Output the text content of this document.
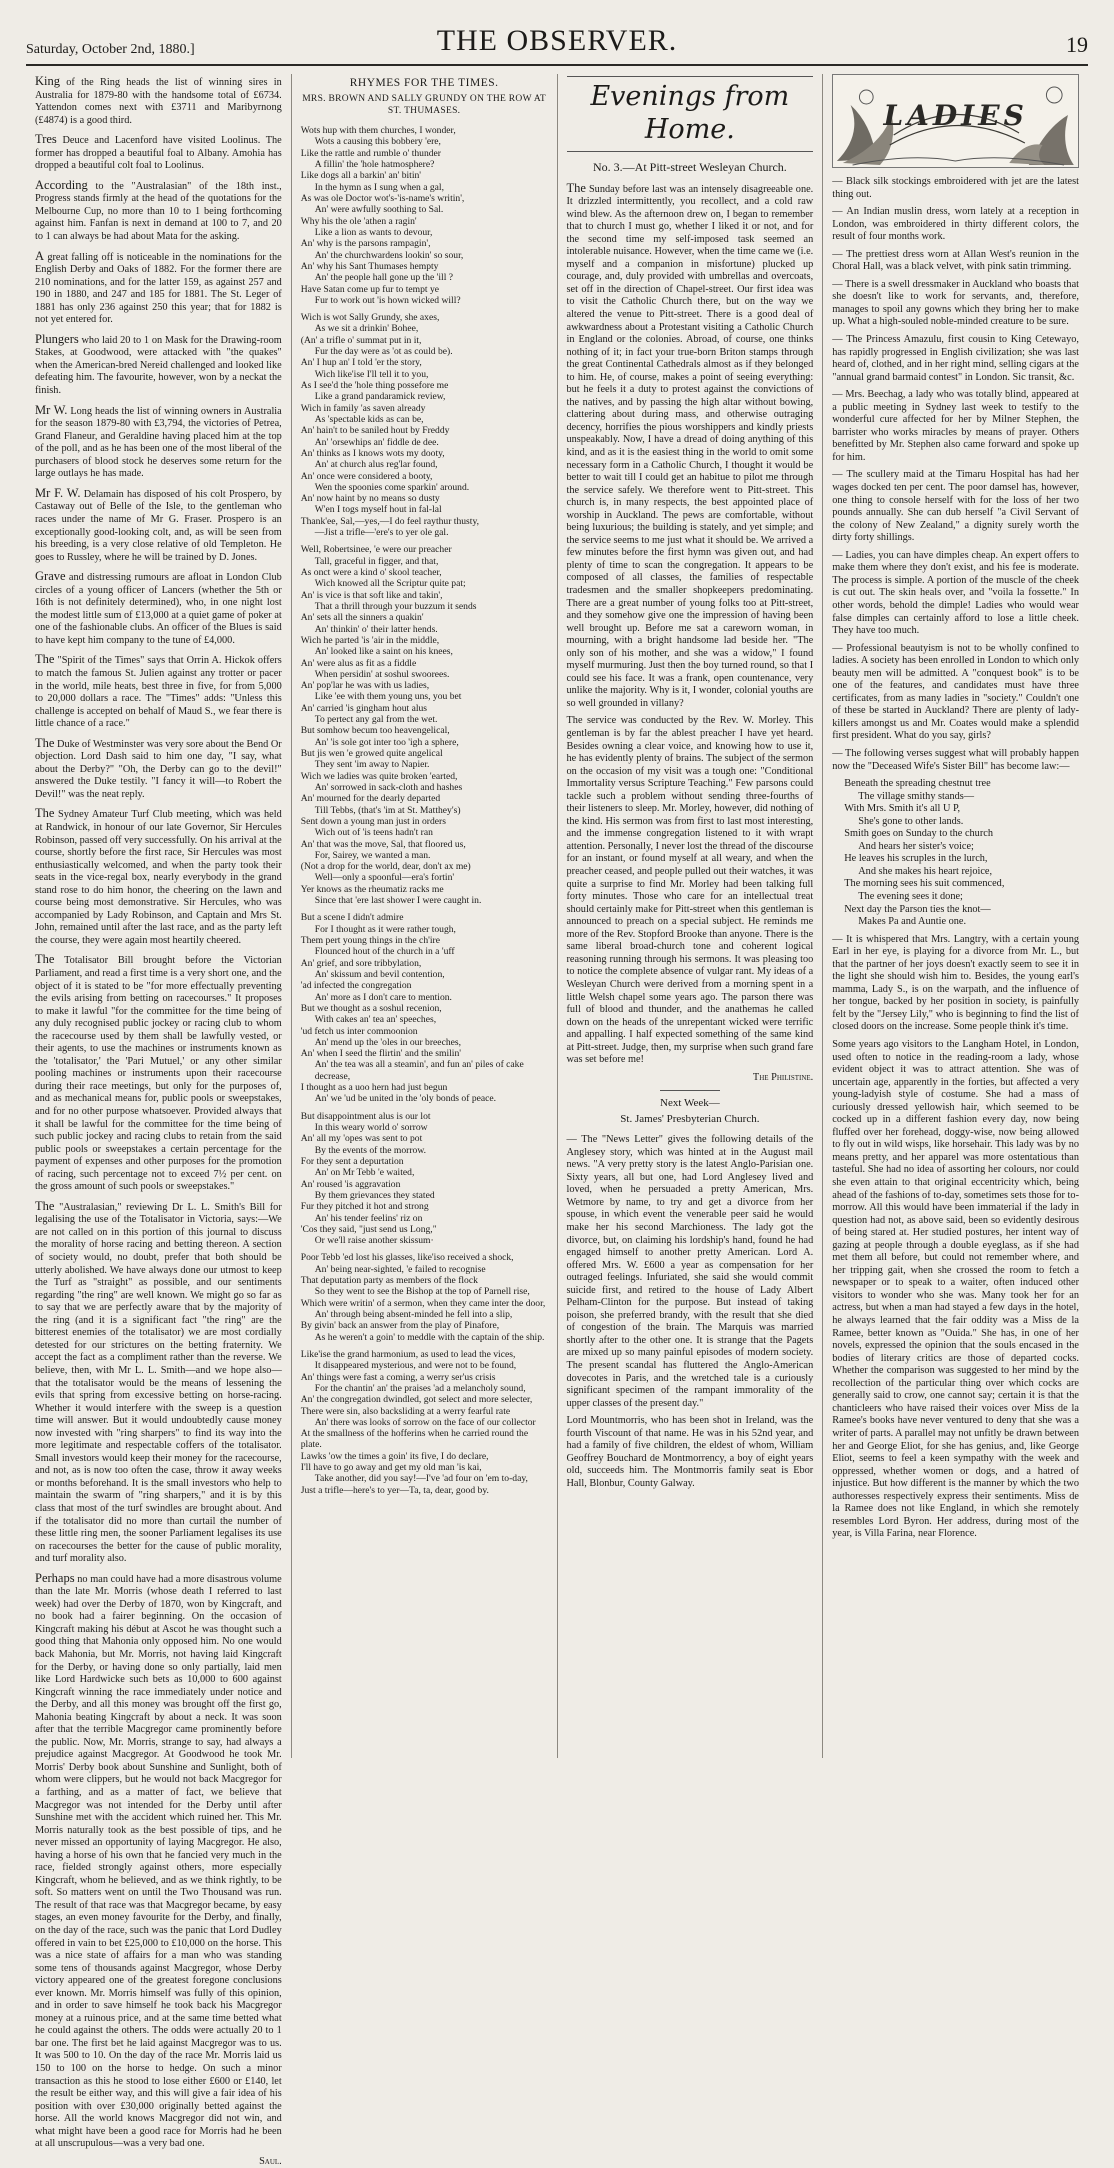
Saturday, October 2nd, 1880.]	THE OBSERVER.	19

King of the Ring heads the list of winning sires in Australia for 1879-80 with the handsome total of £6734. Yattendon comes next with £3711 and Maribyrnong (£4874) is a good third.

Tres Deuce and Lacenford have visited Loolinus. The former has dropped a beautiful foal to Albany. Amohia has dropped a beautiful colt foal to Loolinus.

According to the "Australasian" of the 18th inst., Progress stands firmly at the head of the quotations for the Melbourne Cup, no more than 10 to 1 being forthcoming against him. Fanfan is next in demand at 100 to 7, and 20 to 1 can always be had about Mata for the asking.

A great falling off is noticeable in the nominations for the English Derby and Oaks of 1882. For the former there are 210 nominations, and for the latter 159, as against 257 and 190 in 1880, and 247 and 185 for 1881. The St. Leger of 1881 has only 236 against 250 this year; that for 1882 is not yet entered for.

Plungers who laid 20 to 1 on Mask for the Drawing-room Stakes, at Goodwood, were attacked with "the quakes" when the American-bred Nereid challenged and looked like defeating him. The favourite, however, won by a neckat the finish.

Mr W. Long heads the list of winning owners in Australia for the season 1879-80 with £3,794, the victories of Petrea, Grand Flaneur, and Geraldine having placed him at the top of the poll, and as he has been one of the most liberal of the purchasers of blood stock he deserves some return for the large outlays he has made.

Mr F. W. Delamain has disposed of his colt Prospero, by Castaway out of Belle of the Isle, to the gentleman who races under the name of Mr G. Fraser. Prospero is an exceptionally good-looking colt, and, as will be seen from his breeding, is a very close relative of old Templeton. He goes to Russley, where he will be trained by D. Jones.

Grave and distressing rumours are afloat in London Club circles of a young officer of Lancers (whether the 5th or 16th is not definitely determined), who, in one night lost the modest little sum of £13,000 at a quiet game of poker at one of the fashionable clubs. An officer of the Blues is said to have kept him company to the tune of £4,000.

The "Spirit of the Times" says that Orrin A. Hickok offers to match the famous St. Julien against any trotter or pacer in the world, mile heats, best three in five, for from 5,000 to 20,000 dollars a race. The "Times" adds: "Unless this challenge is accepted on behalf of Maud S., we fear there is little chance of a race."

The Duke of Westminster was very sore about the Bend Or objection. Lord Dash said to him one day, "I say, what about the Derby?" "Oh, the Derby can go to the devil!" answered the Duke testily. "I fancy it will—to Robert the Devil!" was the neat reply.

The Sydney Amateur Turf Club meeting, which was held at Randwick, in honour of our late Governor, Sir Hercules Robinson, passed off very successfully. On his arrival at the course, shortly before the first race, Sir Hercules was most enthusiastically welcomed, and when the party took their seats in the vice-regal box, nearly everybody in the grand stand rose to do him honor, the cheering on the lawn and course being most demonstrative. Sir Hercules, who was accompanied by Lady Robinson, and Captain and Mrs St. John, remained until after the last race, and as the party left the course, they were again most heartily cheered.

The Totalisator Bill brought before the Victorian Parliament, and read a first time is a very short one, and the object of it is stated to be "for more effectually preventing the evils arising from betting on racecourses." It proposes to make it lawful "for the committee for the time being of any duly recognised public jockey or racing club to whom the racecourse used by them shall be lawfully vested, or their agents, to use the machines or instruments known as the 'totalisator,' the 'Pari Mutuel,' or any other similar pooling machines or instruments upon their racecourse during their race meetings, but only for the purposes of, and as mechanical means for, public pools or sweepstakes, and for no other purpose whatsoever. Provided always that it shall be lawful for the committee for the time being of such public jockey and racing clubs to retain from the said public pools or sweepstakes a certain percentage for the payment of expenses and other purposes for the promotion of racing, such percentage not to exceed 7½ per cent. on the gross amount of such pools or sweepstakes."

The "Australasian," reviewing Dr L. L. Smith's Bill for legalising the use of the Totalisator in Victoria, says:—We are not called on in this portion of this journal to discuss the morality of horse racing and betting thereon. A section of society would, no doubt, prefer that both should be utterly abolished. We have always done our utmost to keep the Turf as "straight" as possible, and our sentiments regarding "the ring" are well known. We might go so far as to say that we are perfectly aware that by the majority of the ring (and it is a significant fact "the ring" are the bitterest enemies of the totalisator) we are most cordially detested for our strictures on the betting fraternity. We accept the fact as a compliment rather than the reverse. We believe, then, with Mr L. L. Smith—and we hope also—that the totalisator would be the means of lessening the evils that spring from excessive betting on horse-racing. Whether it would interfere with the sweep is a question time will answer. But it would undoubtedly cause money now invested with "ring sharpers" to find its way into the more legitimate and respectable coffers of the totalisator. Small investors would keep their money for the racecourse, and not, as is now too often the case, throw it away weeks or months beforehand. It is the small investors who help to maintain the swarm of "ring sharpers," and it is by this class that most of the turf swindles are brought about. And if the totalisator did no more than curtail the number of these little ring men, the sooner Parliament legalises its use on racecourses the better for the cause of public morality, and turf morality also.

Perhaps no man could have had a more disastrous volume than the late Mr. Morris (whose death I referred to last week) had over the Derby of 1870, won by Kingcraft, and no book had a fairer beginning. On the occasion of Kingcraft making his début at Ascot he was thought such a good thing that Mahonia only opposed him. No one would back Mahonia, but Mr. Morris, not having laid Kingcraft for the Derby, or having done so only partially, laid men like Lord Hardwicke such bets as 10,000 to 600 against Kingcraft winning the race immediately under notice and the Derby, and all this money was brought off the first go, Mahonia beating Kingcraft by about a neck. It was soon after that the terrible Macgregor came prominently before the public. Now, Mr. Morris, strange to say, had always a prejudice against Macgregor. At Goodwood he took Mr. Morris' Derby book about Sunshine and Sunlight, both of whom were clippers, but he would not back Macgregor for a farthing, and as a matter of fact, we believe that Macgregor was not intended for the Derby until after Sunshine met with the accident which ruined her. This Mr. Morris naturally took as the best possible of tips, and he never missed an opportunity of laying Macgregor. He also, having a horse of his own that he fancied very much in the race, fielded strongly against others, more especially Kingcraft, whom he believed, and as we think rightly, to be soft. So matters went on until the Two Thousand was run. The result of that race was that Macgregor became, by easy stages, an even money favourite for the Derby, and finally, on the day of the race, such was the panic that Lord Dudley offered in vain to bet £25,000 to £10,000 on the horse. This was a nice state of affairs for a man who was standing some tens of thousands against Macgregor, whose Derby victory appeared one of the greatest foregone conclusions ever known. Mr. Morris himself was fully of this opinion, and in order to save himself he took back his Macgregor money at a ruinous price, and at the same time betted what he could against the others. The odds were actually 20 to 1 bar one. The first bet he laid against Macgregor was to us. It was 500 to 10. On the day of the race Mr. Morris laid us 150 to 100 on the horse to hedge. On such a minor transaction as this he stood to lose either £600 or £140, let the result be either way, and this will give a fair idea of his position with over £30,000 originally betted against the horse. All the world knows Macgregor did not win, and what might have been a good race for Morris had he been at all unscrupulous—was a very bad one.

Saul.
RHYMES FOR THE TIMES.
MRS. BROWN AND SALLY GRUNDY ON THE ROW AT ST. THUMASES.
Wots hup with them churches, I wonder,
Wots a causing this bobbery 'ere,
Like the rattle and rumble o' thunder
A fillin' the 'hole hatmosphere?
Like dogs all a barkin' an' bitin'
In the hymn as I sung when a gal,
As was ole Doctor wot's-'is-name's writin',
An' were awfully soothing to Sal.
Why his the ole 'athen a ragin'
Like a lion as wants to devour,
An' why is the parsons rampagin',
An' the churchwardens lookin' so sour,
An' why his Sant Thumases hempty
An' the people hall gone up the 'ill ?
Have Satan come up fur to tempt ye
Fur to work out 'is hown wicked will?
Wich is wot Sally Grundy, she axes,
As we sit a drinkin' Bohee,
(An' a trifle o' summat put in it,
Fur the day were as 'ot as could be).
An' I hup an' I told 'er the story,
Wich like'ise I'll tell it to you,
As I see'd the 'hole thing possefore me
Like a grand pandaramick review,
Wich in family 'as saven already
As 'spectable kids as can be,
An' hain't to be saniled hout by Freddy
An' 'orsewhips an' fiddle de dee.
An' thinks as I knows wots my dooty,
An' at church alus reg'lar found,
An' once were considered a booty,
Wen the spoonies come sparkin' around.
An' now haint by no means so dusty
W'en I togs myself hout in fal-lal
Thank'ee, Sal,—yes,—I do feel raythur thusty,
—Jist a trifle—'ere's to yer ole gal.
Well, Robertsinee, 'e were our preacher
Tall, graceful in figger, and that,
As onct were a kind o' skool teacher,
Wich knowed all the Scriptur quite pat;
An' is vice is that soft like and takin',
That a thrill through your buzzum it sends
An' sets all the sinners a quakin'
An' thinkin' o' their latter hends.
Wich he parted 'is 'air in the middle,
An' looked like a saint on his knees,
An' were alus as fit as a fiddle
When persidin' at soshul swoorees.
An' pop'lar he was with us ladies,
Like 'ee with them young uns, you bet
An' carried 'is gingham hout alus
To pertect any gal from the wet.
But somhow becum too heavengelical,
An' 'is sole got inter too 'igh a sphere,
But jis wen 'e growed quite angelical
They sent 'im away to Napier.
Wich we ladies was quite broken 'earted,
An' sorrowed in sack-cloth and hashes
An' mourned for the dearly departed
Till Tebbs, (that's 'im at St. Matthey's)
Sent down a young man just in orders
Wich out of 'is teens hadn't ran
An' that was the move, Sal, that floored us,
For, Sairey, we wanted a man.
(Not a drop for the world, dear, don't ax me)
Well—only a spoonful—era's fortin'
Yer knows as the rheumatiz racks me
Since that 'ere last shower I were caught in.
But a scene I didn't admire
For I thought as it were rather tough,
Them pert young things in the ch'ire
Flounced hout of the church in a 'uff
An' grief, and sore tribbylation,
An' skissum and bevil contention,
'ad infected the congregation
An' more as I don't care to mention.
But we thought as a soshul recenion,
With cakes an' tea an' speeches,
'ud fetch us inter commoonion
An' mend up the 'oles in our breeches,
An' when I seed the flirtin' and the smilin'
An' the tea was all a steamin', and fun an' piles of cake decrease,
I thought as a uoo hern had just begun
An' we 'ud be united in the 'oly bonds of peace.
But disappointment alus is our lot
In this weary world o' sorrow
An' all my 'opes was sent to pot
By the events of the morrow.
For they sent a depurtation
An' on Mr Tebb 'e waited,
An' roused 'is aggravation
By them grievances they stated
Fur they pitched it hot and strong
An' his tender feelins' riz on
'Cos they said, "just send us Long,"
Or we'll raise another skissum·
Poor Tebb 'ed lost his glasses, like'iso received a shock,
An' being near-sighted, 'e failed to recognise
That deputation party as members of the flock
So they went to see the Bishop at the top of Parnell rise,
Which were writin' of a sermon, when they came inter the door,
An' through being absent-minded he fell into a slip,
By givin' back an answer from the play of Pinafore,
As he weren't a goin' to meddle with the captain of the ship.
Like'ise the grand harmonium, as used to lead the vices,
It disappeared mysterious, and were not to be found,
An' things were fast a coming, a werry ser'us crisis
For the chantin' an' the praises 'ad a melancholy sound,
An' the congregation dwindled, got select and more selecter,
There were sin, also backsliding at a werry fearful rate
An' there was looks of sorrow on the face of our collector
At the smallness of the hofferins when he carried round the plate.
Lawks 'ow the times a goin' its five, I do declare,
I'll have to go away and get my old man 'is kai,
Take another, did you say!—I've 'ad four on 'em to-day,
Just a trifle—here's to yer—Ta, ta, dear, good by.
Evenings from Home.
No. 3.—At Pitt-street Wesleyan Church.

The Sunday before last was an intensely disagreeable one. It drizzled intermittently, you recollect, and a cold raw wind blew. As the afternoon drew on, I began to remember that to church I must go, whether I liked it or not, and for the second time my self-imposed task seemed an intolerable nuisance. However, when the time came we (i.e. myself and a companion in misfortune) plucked up courage, and, duly provided with umbrellas and overcoats, set off in the direction of Chapel-street. Our first idea was to visit the Catholic Church there, but on the way we altered the venue to Pitt-street. There is a good deal of awkwardness about a Protestant visiting a Catholic Church in England or the colonies. Abroad, of course, one thinks nothing of it; in fact your true-born Briton stamps through the great Continental Cathedrals almost as if they belonged to him. He, of course, makes a point of seeing everything: but he feels it a duty to protest against the convictions of the natives, and by passing the high altar without bowing, clattering about during mass, and otherwise outraging decency, horrifies the pious worshippers and kindly priests unspeakably. Now, I have a dread of doing anything of this kind, and as it is the easiest thing in the world to omit some necessary form in a Catholic Church, I thought it would be better to wait till I could get an habitue to pilot me through the service safely. We therefore went to Pitt-street. This church is, in many respects, the best appointed place of worship in Auckland. The pews are comfortable, without being luxurious; the building is stately, and yet simple; and the service seems to me just what it should be. We arrived a few minutes before the first hymn was given out, and had plenty of time to scan the congregation. It appears to be composed of all classes, the families of respectable tradesmen and the smaller shopkeepers predominating. There are a great number of young folks too at Pitt-street, and they somehow give one the impression of having been well brought up. Before me sat a careworn woman, in mourning, with a bright handsome lad beside her. "The only son of his mother, and she was a widow," I found myself murmuring. Just then the boy turned round, so that I could see his face. It was a frank, open countenance, very unlike the majority. Why is it, I wonder, colonial youths are so well grounded in villany?

The service was conducted by the Rev. W. Morley. This gentleman is by far the ablest preacher I have yet heard. Besides owning a clear voice, and knowing how to use it, he has evidently plenty of brains. The subject of the sermon on the occasion of my visit was a tough one: "Conditional Immortality versus Scripture Teaching." Few parsons could tackle such a problem without sending three-fourths of their listeners to sleep. Mr. Morley, however, did nothing of the kind. His sermon was from first to last most interesting, and the immense congregation listened to it with wrapt attention. Personally, I never lost the thread of the discourse for an instant, or found myself at all weary, and when the preacher ceased, and people pulled out their watches, it was quite a surprise to find Mr. Morley had been talking full forty minutes. Those who care for an intellectual treat should certainly make for Pitt-street when this gentleman is announced to preach on a special subject. He reminds me more of the Rev. Stopford Brooke than anyone. There is the same liberal broad-church tone and coherent logical reasoning running through his sermons. It was pleasing too to notice the complete absence of vulgar rant. My ideas of a Wesleyan Church were derived from a morning spent in a little Welsh chapel some years ago. The parson there was full of blood and thunder, and the anathemas he called down on the heads of the unrepentant wicked were terrific and appalling. I half expected something of the same kind at Pitt-street. Judge, then, my surprise when such grand fare was set before me!

The Philistine.
Next Week—
St. James' Presbyterian Church.

— The "News Letter" gives the following details of the Anglesey story, which was hinted at in the August mail news. "A very pretty story is the latest Anglo-Parisian one. Sixty years, all but one, had Lord Anglesey lived and loved, when he persuaded a pretty American, Mrs. Wetmore by name, to try and get a divorce from her spouse, in which event the venerable peer said he would make her his second Marchioness. The lady got the divorce, but, on claiming his lordship's hand, found he had engaged himself to another pretty American. Lord A. offered Mrs. W. £600 a year as compensation for her outraged feelings. Infuriated, she said she would commit suicide first, and retired to the house of Lady Albert Pelham-Clinton for the purpose. But instead of taking poison, she preferred brandy, with the result that she died of congestion of the brain. The Marquis was married shortly after to the other one. It is strange that the Pagets are mixed up so many painful episodes of modern society. The present scandal has fluttered the Anglo-American dovecotes in Paris, and the wretched tale is a curiously significant specimen of the rampant immorality of the upper classes of the present day."

Lord Mountmorris, who has been shot in Ireland, was the fourth Viscount of that name. He was in his 52nd year, and had a family of five children, the eldest of whom, William Geoffrey Bouchard de Montmorrency, a boy of eight years old, succeeds him. The Montmorris family seat is Ebor Hall, Blonbur, County Galway.

LADIES

— Black silk stockings embroidered with jet are the latest thing out.

— An Indian muslin dress, worn lately at a reception in London, was embroidered in thirty different colors, the result of four months work.

— The prettiest dress worn at Allan West's reunion in the Choral Hall, was a black velvet, with pink satin trimming.

— There is a swell dressmaker in Auckland who boasts that she doesn't like to work for servants, and, therefore, manages to spoil any gowns which they bring her to make up. What a high-souled noble-minded creature to be sure.

— The Princess Amazulu, first cousin to King Cetewayo, has rapidly progressed in English civilization; she was last heard of, clothed, and in her right mind, selling cigars at the "annual grand barmaid contest" in London. Sic transit, &c.

— Mrs. Beechag, a lady who was totally blind, appeared at a public meeting in Sydney last week to testify to the wonderful cure affected for her by Milner Stephen, the barrister who works miracles by means of prayer. Others benefitted by Mr. Stephen also came forward and spoke up for him.

— The scullery maid at the Timaru Hospital has had her wages docked ten per cent. The poor damsel has, however, one thing to console herself with for the loss of her two pounds annually. She can dub herself "a Civil Servant of the colony of New Zealand," a dignity surely worth the dirty forty shillings.

— Ladies, you can have dimples cheap. An expert offers to make them where they don't exist, and his fee is moderate. The process is simple. A portion of the muscle of the cheek is cut out. The skin heals over, and "voila la fossette." In other words, behold the dimple! Ladies who would wear false dimples can certainly afford to lose a little cheek. They have too much.

— Professional beautyism is not to be wholly confined to ladies. A society has been enrolled in London to which only beauty men will be admitted. A "conquest book" is to be one of the features, and candidates must have three certificates, from as many ladies in "society." Couldn't one of these be started in Auckland? There are plenty of lady-killers amongst us and Mr. Coates would make a splendid first president. What do you say, girls?

— The following verses suggest what will probably happen now the "Deceased Wife's Sister Bill" has become law:—

Beneath the spreading chestnut tree
The village smithy stands—
With Mrs. Smith it's all U P,
She's gone to other lands.
Smith goes on Sunday to the church
And hears her sister's voice;
He leaves his scruples in the lurch,
And she makes his heart rejoice,
The morning sees his suit commenced,
The evening sees it done;
Next day the Parson ties the knot—
Makes Pa and Auntie one.

— It is whispered that Mrs. Langtry, with a certain young Earl in her eye, is playing for a divorce from Mr. L., but that the partner of her joys doesn't exactly seem to see it in the light she should wish him to. Besides, the young earl's mamma, Lady S., is on the warpath, and the influence of her tongue, backed by her position in society, is painfully felt by the "Jersey Lily," who is beginning to find the list of closed doors on the increase. Some people think it's time.

Some years ago visitors to the Langham Hotel, in London, used often to notice in the reading-room a lady, whose evident object it was to attract attention. She was of uncertain age, apparently in the forties, but affected a very young-ladyish style of costume. She had a mass of curiously dressed yellowish hair, which seemed to be cocked up in a different fashion every day, now being fluffed over her forehead, doggy-wise, now being allowed to fly out in wild wisps, like horsehair. This lady was by no means pretty, and her apparel was more ostentatious than tasteful. She had no idea of assorting her colours, nor could she even attain to that original eccentricity which, being ahead of the fashions of to-day, sometimes sets those for to-morrow. All this would have been immaterial if the lady in question had not, as above said, been so evidently desirous of being stared at. Her studied postures, her intent way of gazing at people through a double eyeglass, as if she had met them all before, but could not remember where, and her tripping gait, when she crossed the room to fetch a newspaper or to speak to a waiter, often induced other visitors to wonder who she was. Many took her for an actress, but when a man had stayed a few days in the hotel, he always learned that the fair oddity was a Miss de la Ramee, better known as "Ouida." She has, in one of her novels, expressed the opinion that the souls encased in the bodies of literary critics are those of departed cocks. Whether the comparison was suggested to her mind by the recollection of the particular thing over which cocks are generally said to crow, one cannot say; certain it is that the chanticleers who have raised their voices over Miss de la Ramee's books have never ventured to deny that she was a writer of parts. A parallel may not unfitly be drawn between her and George Eliot, for she has genius, and, like George Eliot, seems to feel a keen sympathy with the week and oppressed, whether women or dogs, and a hatred of injustice. But how different is the manner by which the two authoresses respectively express their sentiments. Miss de la Ramee does not like England, in which she remotely resembles Lord Byron. Her address, during most of the year, is Villa Farina, near Florence.
